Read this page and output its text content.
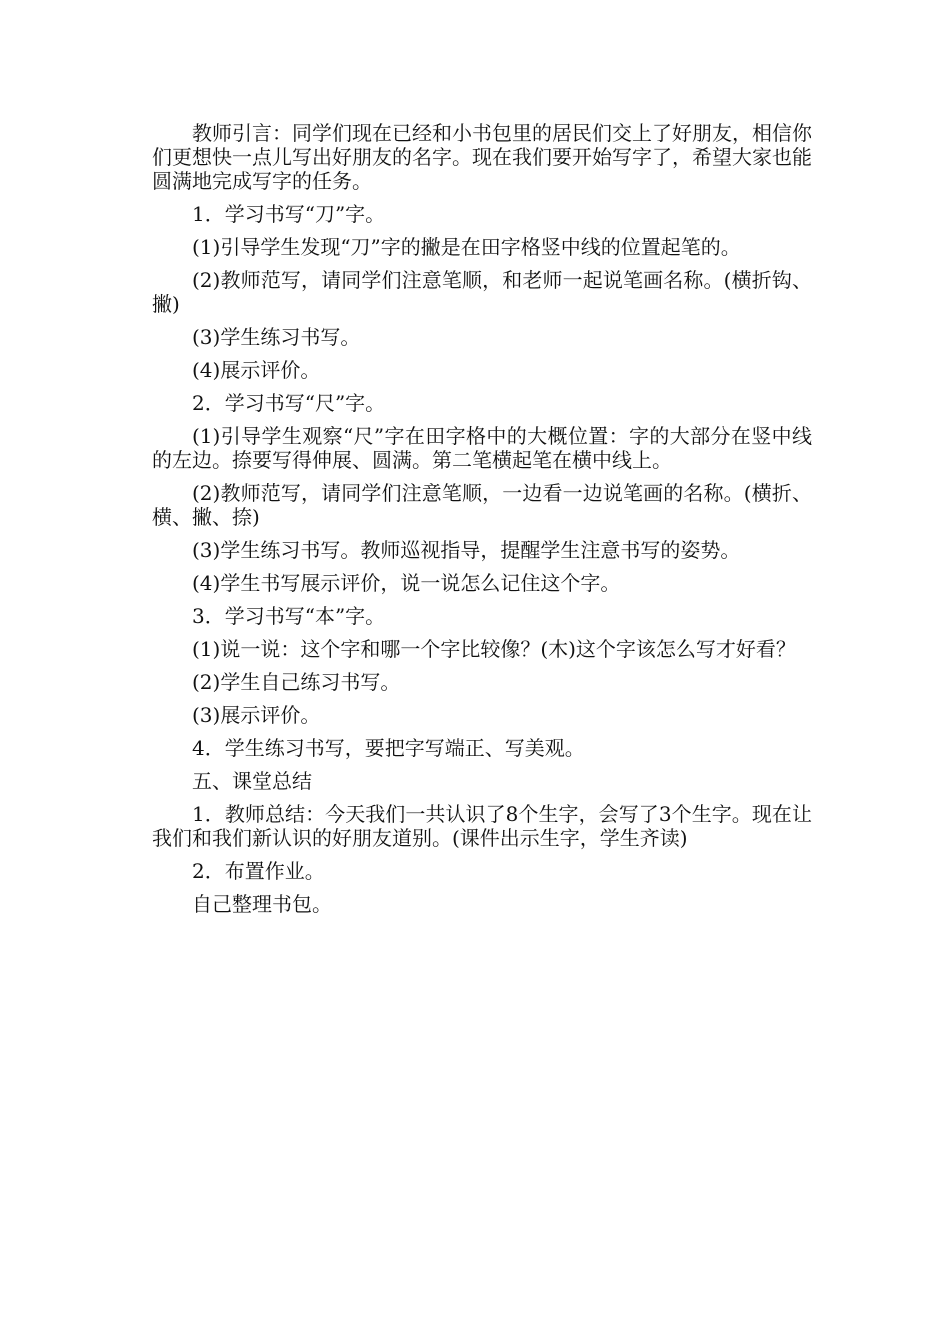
教师引言：同学们现在已经和小书包里的居民们交上了好朋友，相信你们更想快一点儿写出好朋友的名字。现在我们要开始写字了，希望大家也能圆满地完成写字的任务。

1．学习书写“刀”字。

(1)引导学生发现“刀”字的撇是在田字格竖中线的位置起笔的。

(2)教师范写，请同学们注意笔顺，和老师一起说笔画名称。(横折钩、撇)

(3)学生练习书写。

(4)展示评价。

2．学习书写“尺”字。

(1)引导学生观察“尺”字在田字格中的大概位置：字的大部分在竖中线的左边。捺要写得伸展、圆满。第二笔横起笔在横中线上。

(2)教师范写，请同学们注意笔顺，一边看一边说笔画的名称。(横折、横、撇、捺)

(3)学生练习书写。教师巡视指导，提醒学生注意书写的姿势。

(4)学生书写展示评价，说一说怎么记住这个字。

3．学习书写“本”字。

(1)说一说：这个字和哪一个字比较像？(木)这个字该怎么写才好看？

(2)学生自己练习书写。

(3)展示评价。

4．学生练习书写，要把字写端正、写美观。

五、课堂总结

1．教师总结：今天我们一共认识了8个生字，会写了3个生字。现在让我们和我们新认识的好朋友道别。(课件出示生字，学生齐读)

2．布置作业。

自己整理书包。
